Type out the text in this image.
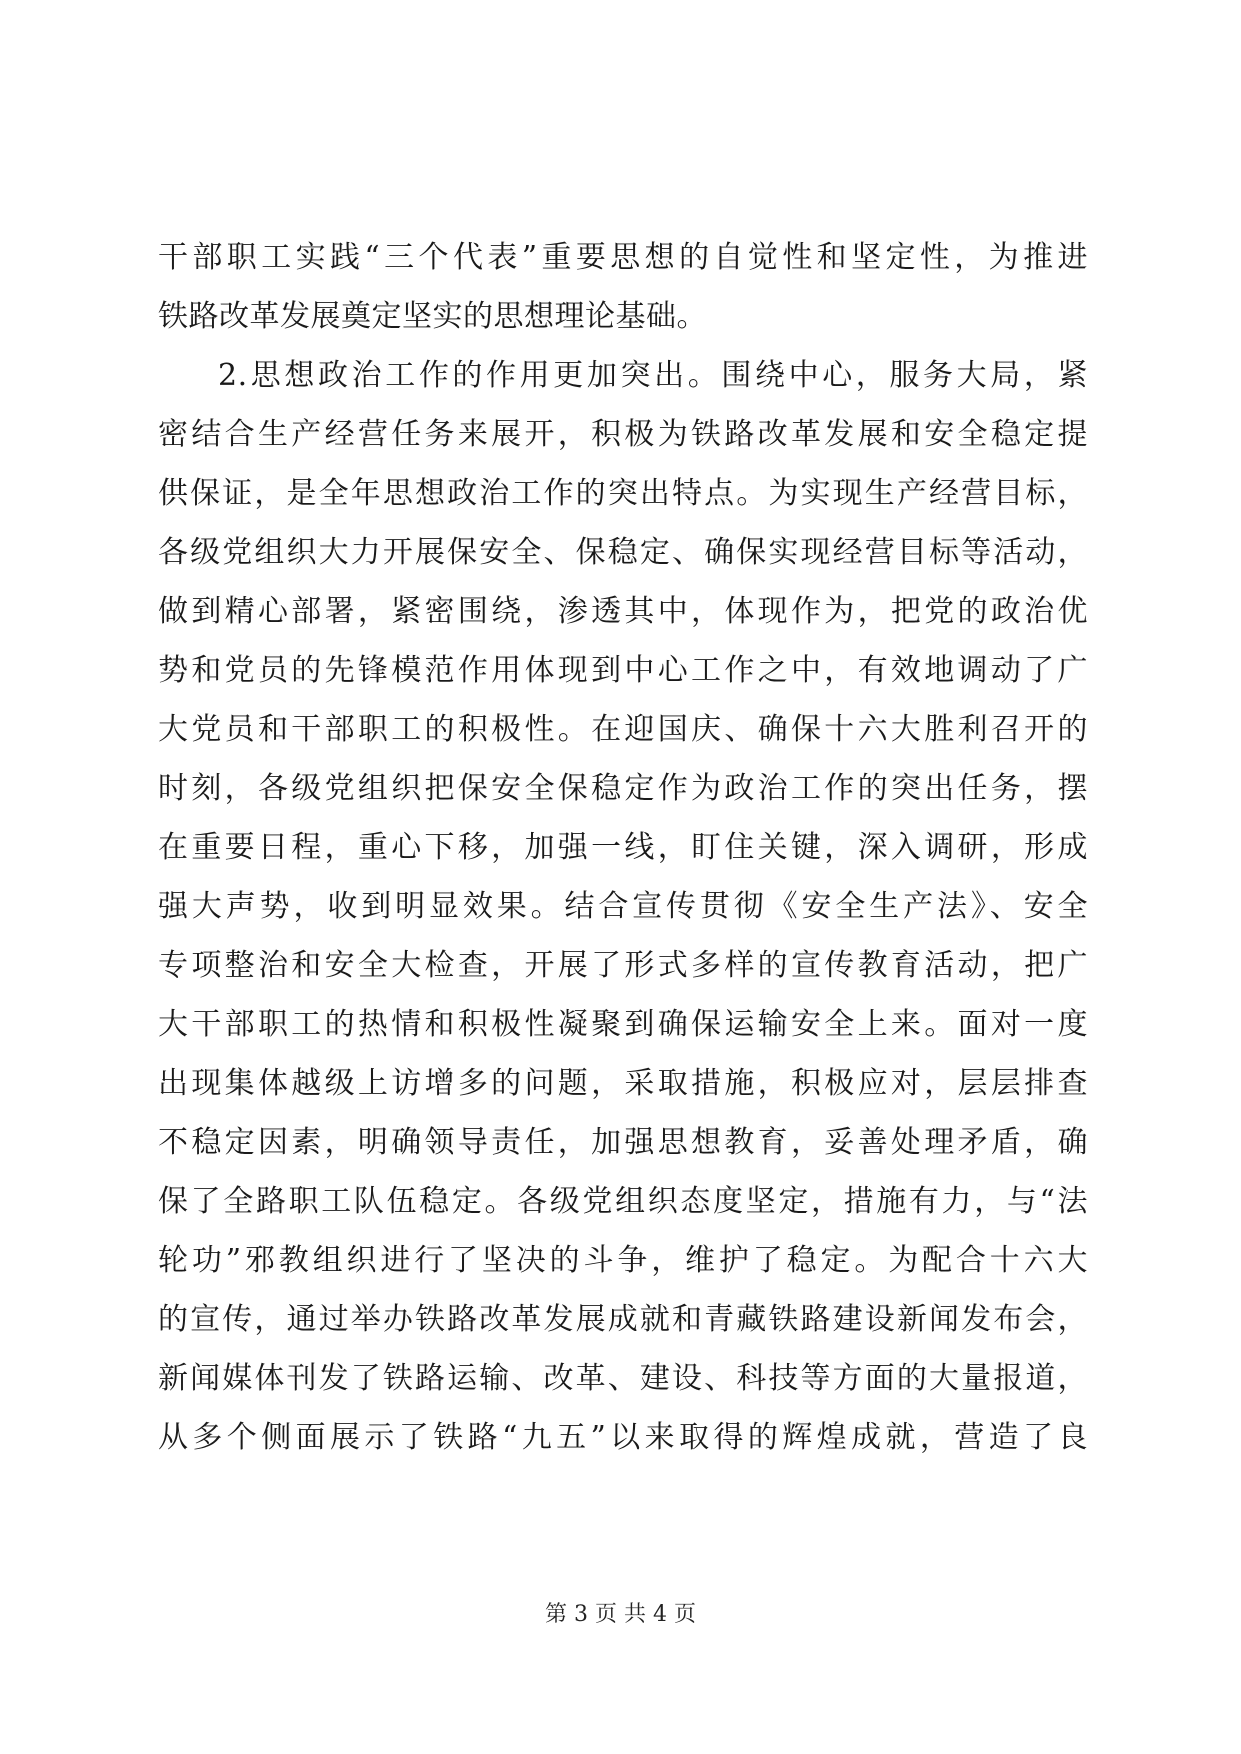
干部职工实践“三个代表”重要思想的自觉性和坚定性，为推进
铁路改革发展奠定坚实的思想理论基础。
2.思想政治工作的作用更加突出。围绕中心，服务大局，紧
密结合生产经营任务来展开，积极为铁路改革发展和安全稳定提
供保证，是全年思想政治工作的突出特点。为实现生产经营目标，
各级党组织大力开展保安全、保稳定、确保实现经营目标等活动，
做到精心部署，紧密围绕，渗透其中，体现作为，把党的政治优
势和党员的先锋模范作用体现到中心工作之中，有效地调动了广
大党员和干部职工的积极性。在迎国庆、确保十六大胜利召开的
时刻，各级党组织把保安全保稳定作为政治工作的突出任务，摆
在重要日程，重心下移，加强一线，盯住关键，深入调研，形成
强大声势，收到明显效果。结合宣传贯彻《安全生产法》、安全
专项整治和安全大检查，开展了形式多样的宣传教育活动，把广
大干部职工的热情和积极性凝聚到确保运输安全上来。面对一度
出现集体越级上访增多的问题，采取措施，积极应对，层层排查
不稳定因素，明确领导责任，加强思想教育，妥善处理矛盾，确
保了全路职工队伍稳定。各级党组织态度坚定，措施有力，与“法
轮功”邪教组织进行了坚决的斗争，维护了稳定。为配合十六大
的宣传，通过举办铁路改革发展成就和青藏铁路建设新闻发布会，
新闻媒体刊发了铁路运输、改革、建设、科技等方面的大量报道，
从多个侧面展示了铁路“九五”以来取得的辉煌成就，营造了良
第 3 页 共 4 页
